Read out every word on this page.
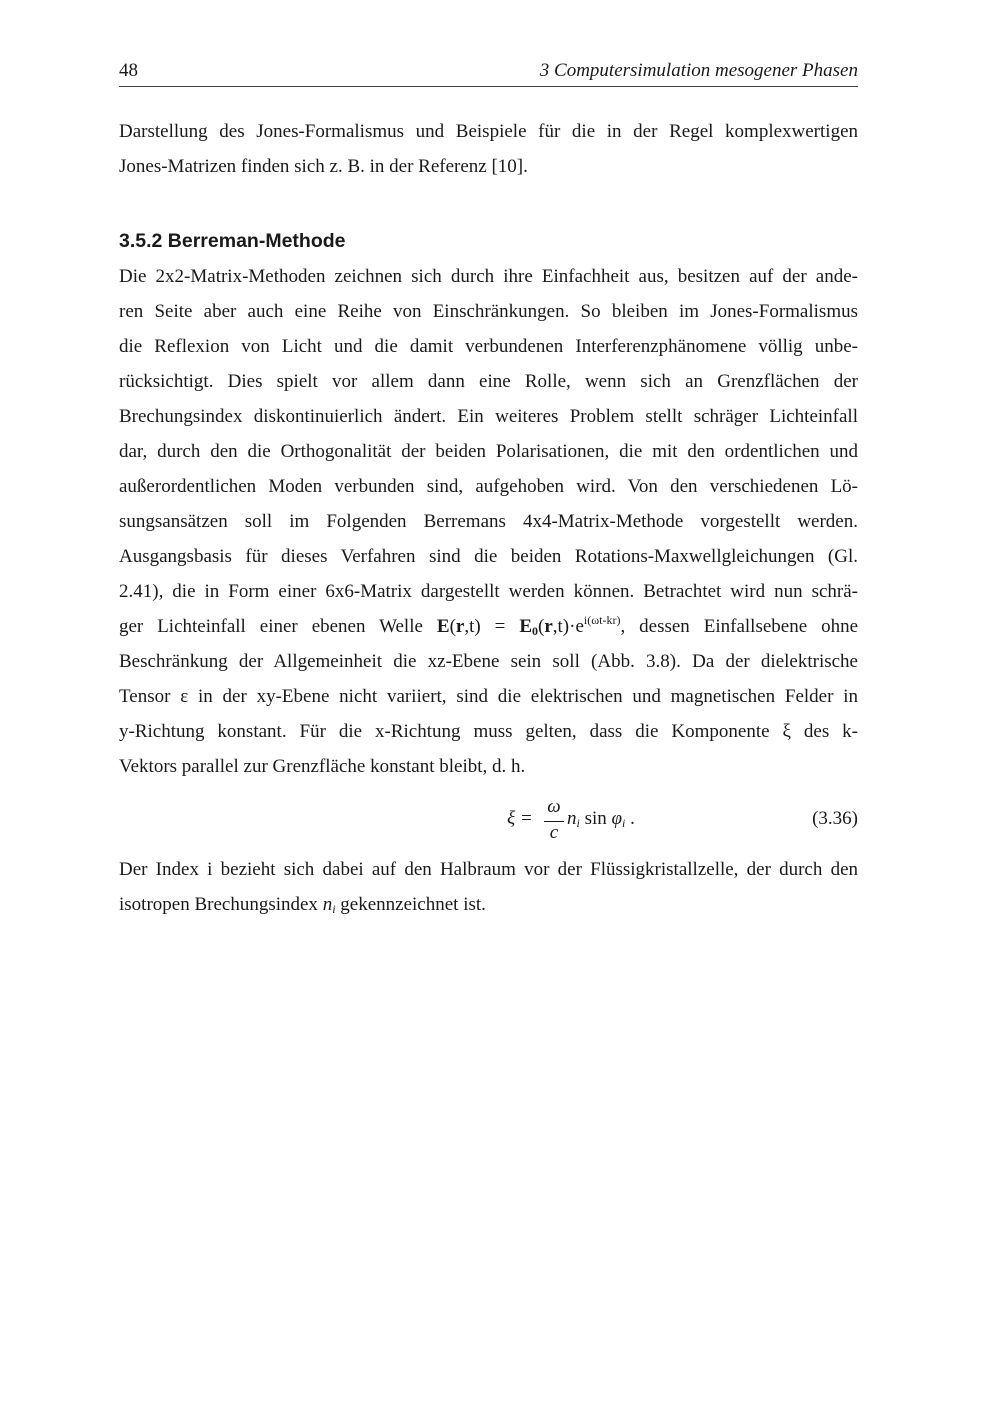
48	3 Computersimulation mesogener Phasen
Darstellung des Jones-Formalismus und Beispiele für die in der Regel komplexwertigen
Jones-Matrizen finden sich z. B. in der Referenz [10].
3.5.2 Berreman-Methode
Die 2x2-Matrix-Methoden zeichnen sich durch ihre Einfachheit aus, besitzen auf der ande-
ren Seite aber auch eine Reihe von Einschränkungen. So bleiben im Jones-Formalismus
die Reflexion von Licht und die damit verbundenen Interferenzphänomene völlig unbe-
rücksichtigt. Dies spielt vor allem dann eine Rolle, wenn sich an Grenzflächen der
Brechungsindex diskontinuierlich ändert. Ein weiteres Problem stellt schräger Lichteinfall
dar, durch den die Orthogonalität der beiden Polarisationen, die mit den ordentlichen und
außerordentlichen Moden verbunden sind, aufgehoben wird. Von den verschiedenen Lö-
sungsansätzen soll im Folgenden Berremans 4x4-Matrix-Methode vorgestellt werden.
Ausgangsbasis für dieses Verfahren sind die beiden Rotations-Maxwellgleichungen (Gl.
2.41), die in Form einer 6x6-Matrix dargestellt werden können. Betrachtet wird nun schrä-
ger Lichteinfall einer ebenen Welle $E(r,t) = E_0(r,t)\cdot e^{i(\omega t-kr)}$, dessen Einfallsebene ohne
Beschränkung der Allgemeinheit die xz-Ebene sein soll (Abb. 3.8). Da der dielektrische
Tensor ε in der xy-Ebene nicht variiert, sind die elektrischen und magnetischen Felder in
y-Richtung konstant. Für die x-Richtung muss gelten, dass die Komponente ξ des k-
Vektors parallel zur Grenzfläche konstant bleibt, d. h.
ξ =
ω
c
$n_i$ $\sin \varphi_i$ .	(3.36)
Der Index i bezieht sich dabei auf den Halbraum vor der Flüssigkristallzelle, der durch den
isotropen Brechungsindex $n_i$ gekennzeichnet ist.
